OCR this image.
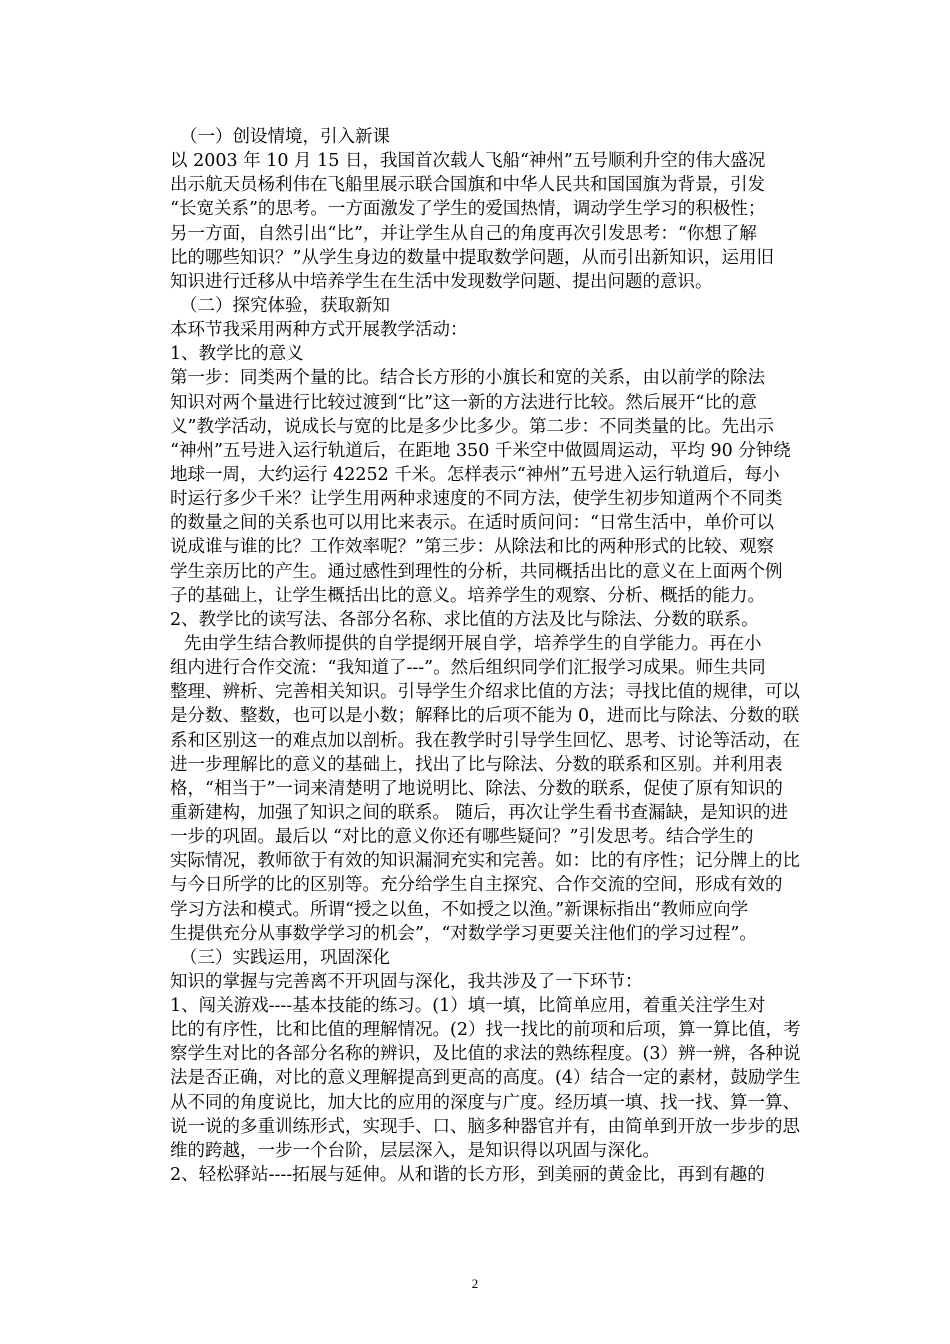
（一）创设情境，引入新课
以 2003 年 10 月 15 日，我国首次载人飞船“神州”五号顺利升空的伟大盛况
出示航天员杨利伟在飞船里展示联合国旗和中华人民共和国国旗为背景，引发
“长宽关系”的思考。一方面激发了学生的爱国热情，调动学生学习的积极性；
另一方面，自然引出“比”，并让学生从自己的角度再次引发思考：“你想了解
比的哪些知识？”从学生身边的数量中提取数学问题，从而引出新知识，运用旧
知识进行迁移从中培养学生在生活中发现数学问题、提出问题的意识。
（二）探究体验，获取新知
本环节我采用两种方式开展教学活动：
1、教学比的意义
第一步：同类两个量的比。结合长方形的小旗长和宽的关系，由以前学的除法
知识对两个量进行比较过渡到“比”这一新的方法进行比较。然后展开“比的意
义”教学活动，说成长与宽的比是多少比多少。第二步：不同类量的比。先出示
“神州”五号进入运行轨道后，在距地 350 千米空中做圆周运动，平均 90 分钟绕
地球一周，大约运行 42252 千米。怎样表示“神州”五号进入运行轨道后，每小
时运行多少千米？让学生用两种求速度的不同方法，使学生初步知道两个不同类
的数量之间的关系也可以用比来表示。在适时质问问：“日常生活中，单价可以
说成谁与谁的比？工作效率呢？”第三步：从除法和比的两种形式的比较、观察
学生亲历比的产生。通过感性到理性的分析，共同概括出比的意义在上面两个例
子的基础上，让学生概括出比的意义。培养学生的观察、分析、概括的能力。
2、教学比的读写法、各部分名称、求比值的方法及比与除法、分数的联系。
先由学生结合教师提供的自学提纲开展自学，培养学生的自学能力。再在小
组内进行合作交流：“我知道了---”。然后组织同学们汇报学习成果。师生共同
整理、辨析、完善相关知识。引导学生介绍求比值的方法；寻找比值的规律，可以
是分数、整数，也可以是小数；解释比的后项不能为 0，进而比与除法、分数的联
系和区别这一的难点加以剖析。我在教学时引导学生回忆、思考、讨论等活动，在
进一步理解比的意义的基础上，找出了比与除法、分数的联系和区别。并利用表
格，“相当于”一词来清楚明了地说明比、除法、分数的联系，促使了原有知识的
重新建构，加强了知识之间的联系。 随后，再次让学生看书查漏缺，是知识的进
一步的巩固。最后以 “对比的意义你还有哪些疑问？”引发思考。结合学生的
实际情况，教师欲于有效的知识漏洞充实和完善。如：比的有序性；记分牌上的比
与今日所学的比的区别等。充分给学生自主探究、合作交流的空间，形成有效的
学习方法和模式。所谓“授之以鱼，不如授之以渔。”新课标指出“教师应向学
生提供充分从事数学学习的机会”，“对数学学习更要关注他们的学习过程”。
（三）实践运用，巩固深化
知识的掌握与完善离不开巩固与深化，我共涉及了一下环节：
1、闯关游戏----基本技能的练习。(1）填一填，比简单应用，着重关注学生对
比的有序性，比和比值的理解情况。(2）找一找比的前项和后项，算一算比值，考
察学生对比的各部分名称的辨识，及比值的求法的熟练程度。(3）辨一辨，各种说
法是否正确，对比的意义理解提高到更高的高度。(4）结合一定的素材，鼓励学生
从不同的角度说比，加大比的应用的深度与广度。经历填一填、找一找、算一算、
说一说的多重训练形式，实现手、口、脑多种器官并有，由简单到开放一步步的思
维的跨越，一步一个台阶，层层深入，是知识得以巩固与深化。
2、轻松驿站----拓展与延伸。从和谐的长方形，到美丽的黄金比，再到有趣的
2
